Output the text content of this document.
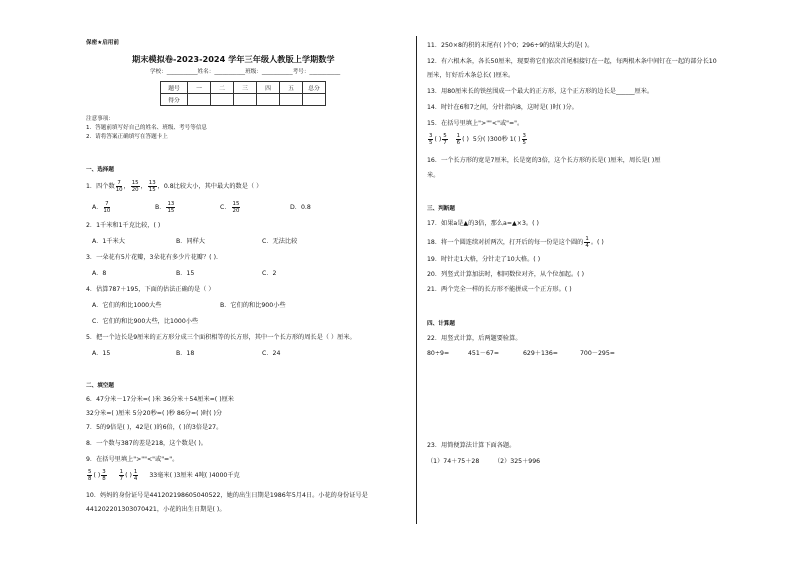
保密★启用前
期末模拟卷-2023-2024 学年三年级人教版上学期数学
学校：___________姓名：___________班级：___________考号：___________
题号	一	二	三	四	五	总分
得分						
注意事项：
1．答题前填写好自己的姓名、班级、考号等信息
2．请将答案正确填写在答题卡上
一、选择题
1．四个数 $\frac{7}{10}$ ， $\frac{15}{20}$ ， $\frac{13}{15}$ ，0.8比较大小，其中最大的数是（ ）
A． $\frac{7}{10}$	B． $\frac{13}{15}$	C． $\frac{15}{20}$	D．0.8
2．1千米和1千克比较，( )
A．1千米大	B．同样大	C．无法比较
3．一朵花有5片花瓣，3朵花有多少片花瓣？( ).
A．8	B．15	C．2
4．估算787＋195，下面的估法正确的是（ ）
A．它们的和比1000大些	B．它们的和比900小些
C．它们的和比900大些，比1000小些
5．把一个边长是9厘米的正方形分成三个面积相等的长方形，其中一个长方形的周长是（ ）厘米。
A．15	B．18	C．24
二、填空题
6．47分米－17分米=( )米 36分米＋54厘米=( )厘米
32分米=( )厘米 5分20秒=( )秒 86分=( )时( )分
7．5的9倍是( )，42是( )的6倍，( )的3倍是27。
8．一个数与387的差是218，这个数是( )。
9．在括号里填上">""<"或"="。
$\frac{5}{8}$ ( ) $\frac{3}{8} \frac{1}{7}$ ( ) $\frac{1}{4} 33$毫米( )3厘米 4吨( )4000千克
10．妈妈的身份证号是441202198605040522，她的出生日期是1986年5月4日。小花的身份证号是
441202201303070421，小花的出生日期是( )。
11．250×8的积的末尾有( )个0；296÷9的结果大约是( )。
12．有六根木条，各长50厘米，现要将它们依次首尾相接钉在一起，每两根木条中间钉在一起的部分长10
厘米，钉好后木条总长( )厘米。
13．用80厘米长的铁丝围成一个最大的正方形，这个正方形的边长是______厘米。
14．时针在6和7之间，分针指向8，这时是( )时( )分。
15．在括号里填上">""<"或"="。
$\frac{3}{5}$ ( ) $\frac{5}{7} \frac{1}{6}$ ( ) 5分( )300秒 1( ) $\frac{3}{5}$
16．一个长方形的宽是7厘米，长是宽的3倍，这个长方形的长是( )厘米，周长是( )厘
米。
三、判断题
17．如果a是▲的3倍，那么a=▲×3。( )
18．将一个圆连续对折两次，打开后的每一份是这个圆的 $\frac{1}{4}$ 。( )
19．时针走1大格，分针走了10大格。( )
20．列竖式计算加法时，相同数位对齐，从个位加起。( )
21．两个完全一样的长方形不能拼成一个正方形。( )
四、计算题
22．用竖式计算，后两题要验算。
80÷9=	451－67=	629＋136=	700－295=
23．用简便算法计算下面各题。
（1）74＋75＋28 （2）325＋996
